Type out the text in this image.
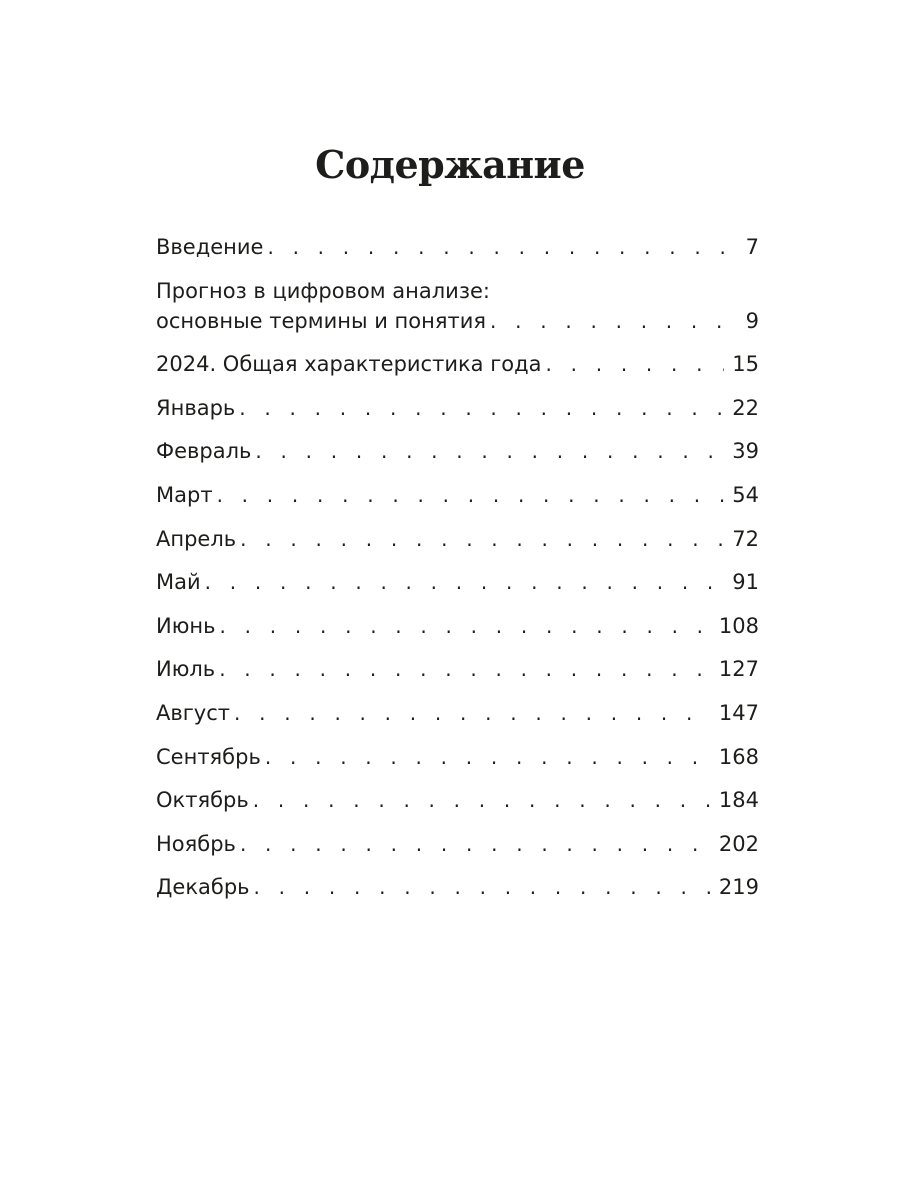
Содержание
Введение . . .	7
Прогноз в цифровом анализе:
основные термины и понятия . . .	9
2024. Общая характеристика года . . .	15
Январь . . .	22
Февраль . . .	39
Март . . .	54
Апрель . . .	72
Май . . .	91
Июнь . . .	108
Июль . . .	127
Август . . .	147
Сентябрь . . .	168
Октябрь . . .	184
Ноябрь . . .	202
Декабрь . . .	219
